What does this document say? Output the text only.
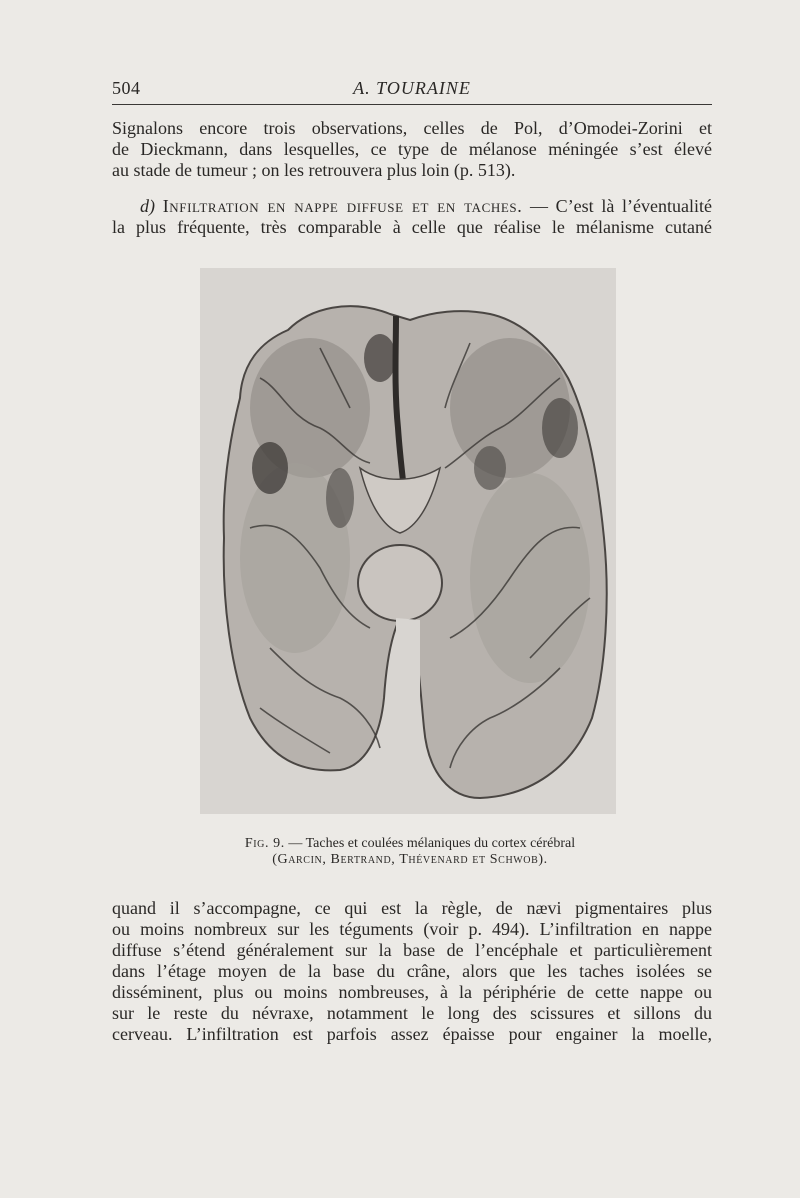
504	A. TOURAINE
Signalons encore trois observations, celles de Pol, d’Omodei-Zorini et
de Dieckmann, dans lesquelles, ce type de mélanose méningée s’est élevé
au stade de tumeur ; on les retrouvera plus loin (p. 513).
d) Infiltration en nappe diffuse et en taches. — C’est là l’éventualité
la plus fréquente, très comparable à celle que réalise le mélanisme cutané
Fig. 9. — Taches et coulées mélaniques du cortex cérébral
(Garcin, Bertrand, Thévenard et Schwob).
quand il s’accompagne, ce qui est la règle, de nævi pigmentaires plus
ou moins nombreux sur les téguments (voir p. 494). L’infiltration en nappe
diffuse s’étend généralement sur la base de l’encéphale et particulièrement
dans l’étage moyen de la base du crâne, alors que les taches isolées se
disséminent, plus ou moins nombreuses, à la périphérie de cette nappe ou
sur le reste du névraxe, notamment le long des scissures et sillons du
cerveau. L’infiltration est parfois assez épaisse pour engainer la moelle,
